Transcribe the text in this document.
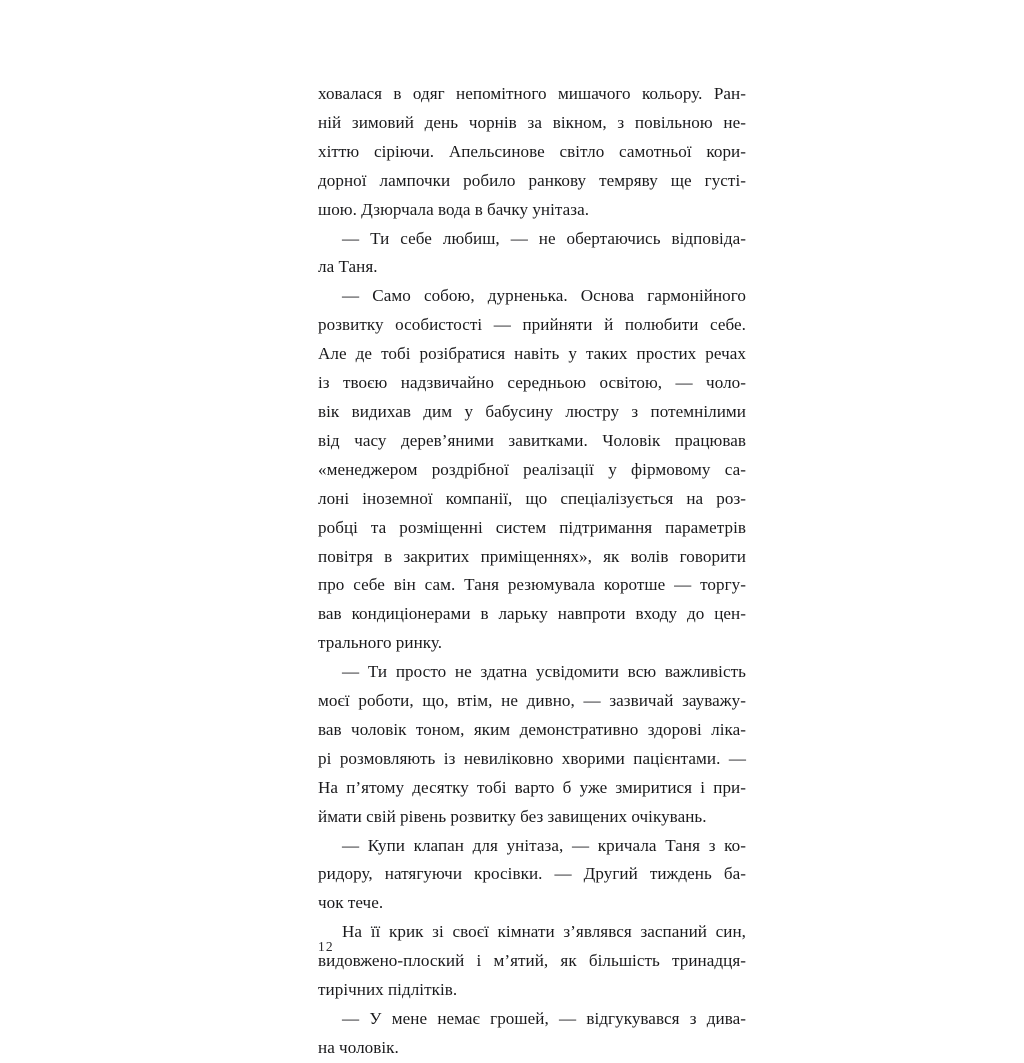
ховалася в одяг непомітного мишачого кольору. Ран-
ній зимовий день чорнів за вікном, з повільною не-
хіттю сіріючи. Апельсинове світло самотньої кори-
дорної лампочки робило ранкову темряву ще густі-
шою. Дзюрчала вода в бачку унітаза.

— Ти себе любиш, — не обертаючись відповіда-
ла Таня.

— Само собою, дурненька. Основа гармонійного
розвитку особистості — прийняти й полюбити себе.
Але де тобі розібратися навіть у таких простих речах
із твоєю надзвичайно середньою освітою, — чоло-
вік видихав дим у бабусину люстру з потемнілими
від часу дерев’яними завитками. Чоловік працював
«менеджером роздрібної реалізації у фірмовому са-
лоні іноземної компанії, що спеціалізується на роз-
робці та розміщенні систем підтримання параметрів
повітря в закритих приміщеннях», як волів говорити
про себе він сам. Таня резюмувала коротше — торгу-
вав кондиціонерами в ларьку навпроти входу до цен-
трального ринку.

— Ти просто не здатна усвідомити всю важливість
моєї роботи, що, втім, не дивно, — зазвичай зауважу-
вав чоловік тоном, яким демонстративно здорові ліка-
рі розмовляють із невиліковно хворими пацієнтами. —
На п’ятому десятку тобі варто б уже змиритися і при-
ймати свій рівень розвитку без завищених очікувань.

— Купи клапан для унітаза, — кричала Таня з ко-
ридору, натягуючи кросівки. — Другий тиждень ба-
чок тече.

На її крик зі своєї кімнати з’являвся заспаний син,
видовжено-плоский і м’ятий, як більшість тринадця-
тирічних підлітків.

— У мене немає грошей, — відгукувався з дива-
на чоловік.

12
